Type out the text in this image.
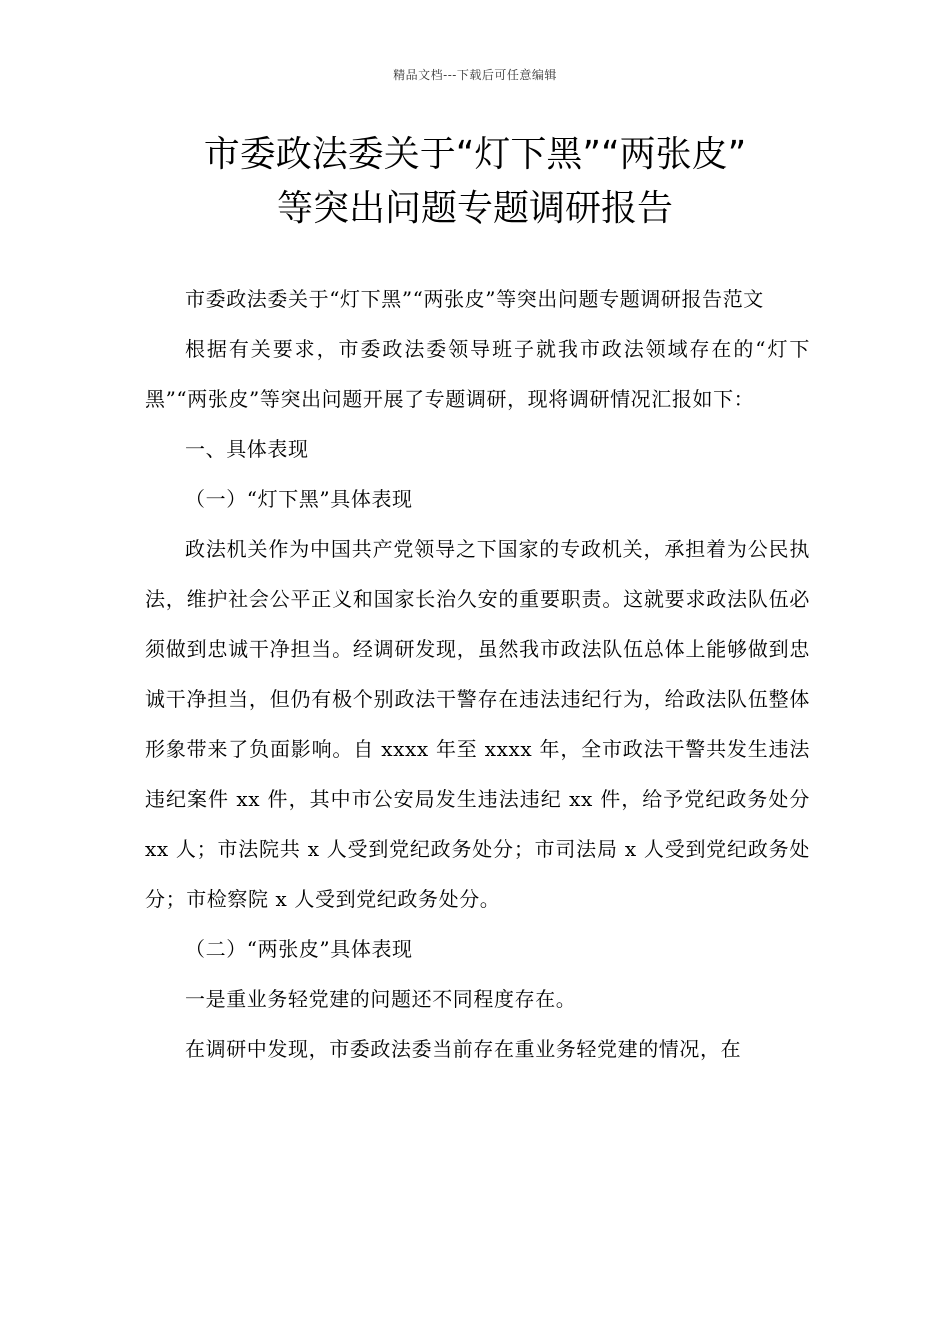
精品文档---下载后可任意编辑
市委政法委关于“灯下黑”“两张皮”
等突出问题专题调研报告

市委政法委关于“灯下黑”“两张皮”等突出问题专题调研报告范文

根据有关要求，市委政法委领导班子就我市政法领域存在的“灯下黑”“两张皮”等突出问题开展了专题调研，现将调研情况汇报如下：

一、具体表现

（一）“灯下黑”具体表现

政法机关作为中国共产党领导之下国家的专政机关，承担着为公民执法，维护社会公平正义和国家长治久安的重要职责。这就要求政法队伍必须做到忠诚干净担当。经调研发现，虽然我市政法队伍总体上能够做到忠诚干净担当，但仍有极个别政法干警存在违法违纪行为，给政法队伍整体形象带来了负面影响。自 xxxx 年至 xxxx 年，全市政法干警共发生违法违纪案件 xx 件，其中市公安局发生违法违纪 xx 件，给予党纪政务处分 xx 人；市法院共 x 人受到党纪政务处分；市司法局 x 人受到党纪政务处分；市检察院 x 人受到党纪政务处分。

（二）“两张皮”具体表现

一是重业务轻党建的问题还不同程度存在。

在调研中发现，市委政法委当前存在重业务轻党建的情况，在
